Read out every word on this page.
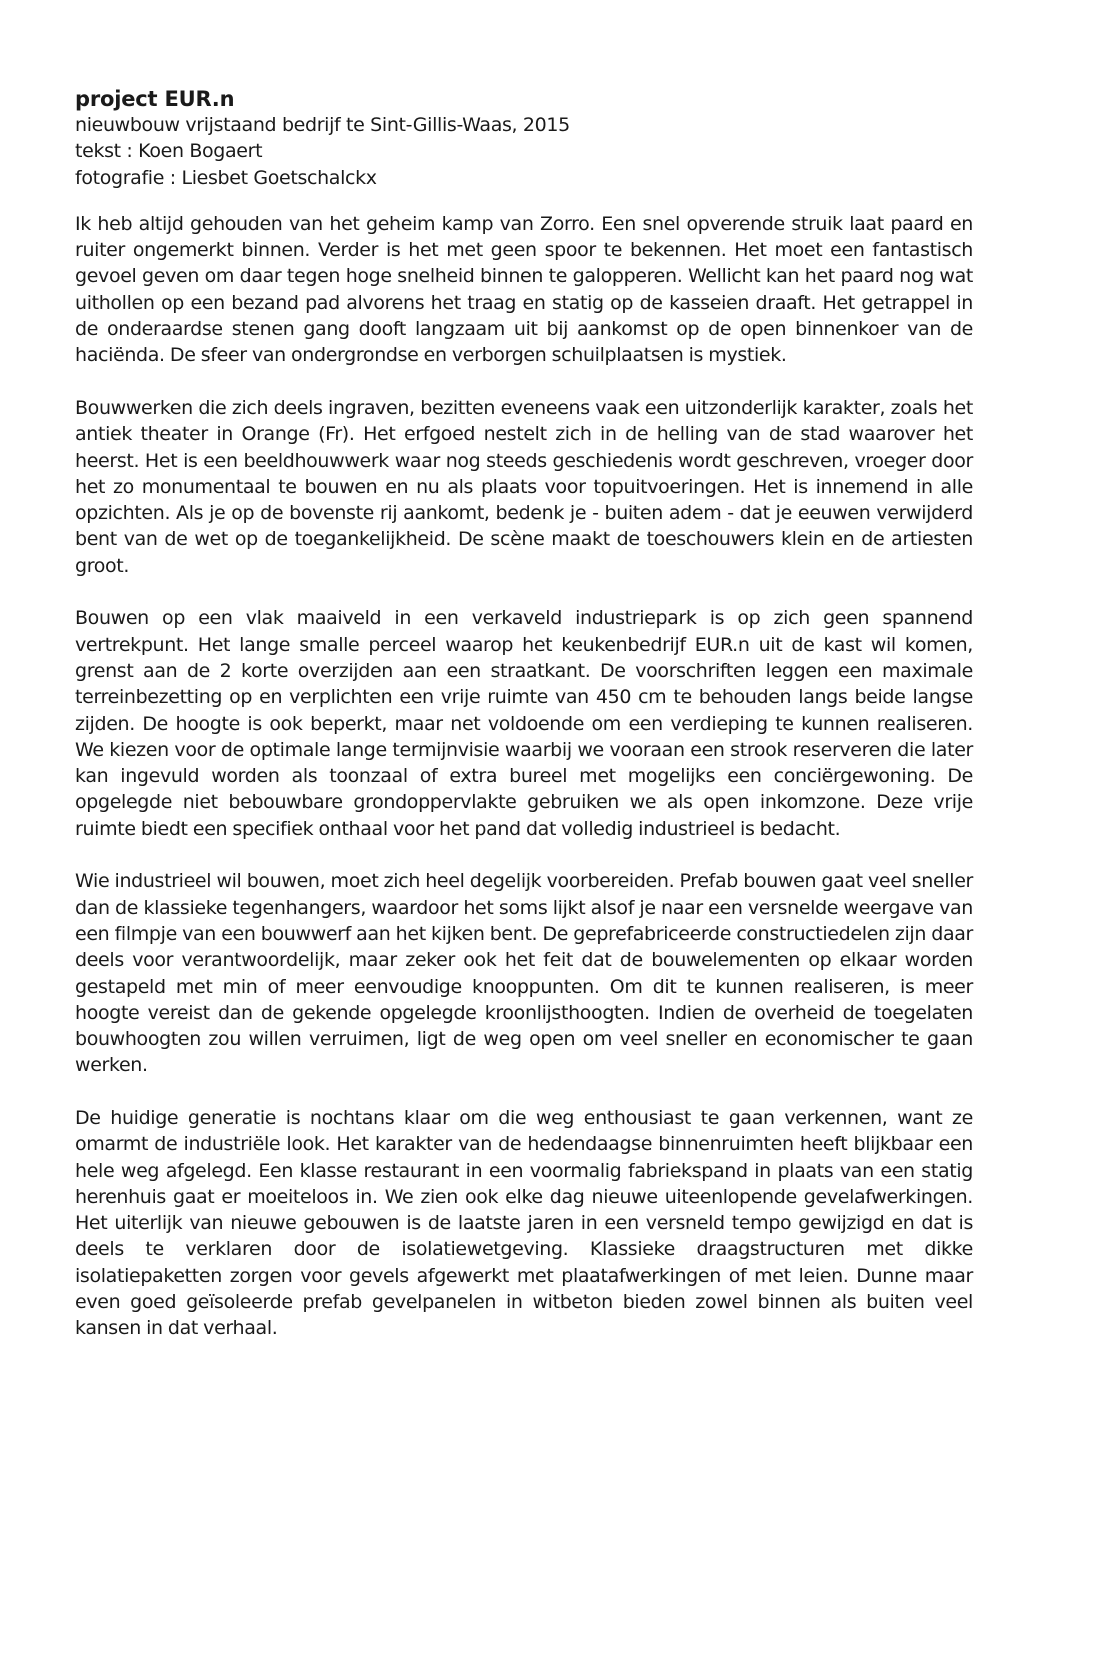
project EUR.n

nieuwbouw vrijstaand bedrijf te Sint-Gillis-Waas, 2015

tekst : Koen Bogaert

fotografie : Liesbet Goetschalckx

Ik heb altijd gehouden van het geheim kamp van Zorro. Een snel opverende struik laat paard en ruiter ongemerkt binnen. Verder is het met geen spoor te bekennen. Het moet een fantastisch gevoel geven om daar tegen hoge snelheid binnen te galopperen. Wellicht kan het paard nog wat uithollen op een bezand pad alvorens het traag en statig op de kasseien draaft. Het getrappel in de onderaardse stenen gang dooft langzaam uit bij aankomst op de open binnenkoer van de haciënda. De sfeer van ondergrondse en verborgen schuilplaatsen is mystiek.

Bouwwerken die zich deels ingraven, bezitten eveneens vaak een uitzonderlijk karakter, zoals het antiek theater in Orange (Fr). Het erfgoed nestelt zich in de helling van de stad waarover het heerst. Het is een beeldhouwwerk waar nog steeds geschiedenis wordt geschreven, vroeger door het zo monumentaal te bouwen en nu als plaats voor topuitvoeringen. Het is innemend in alle opzichten. Als je op de bovenste rij aankomt, bedenk je - buiten adem - dat je eeuwen verwijderd bent van de wet op de toegankelijkheid. De scène maakt de toeschouwers klein en de artiesten groot.

Bouwen op een vlak maaiveld in een verkaveld industriepark is op zich geen spannend vertrekpunt. Het lange smalle perceel waarop het keukenbedrijf EUR.n uit de kast wil komen, grenst aan de 2 korte overzijden aan een straatkant. De voorschriften leggen een maximale terreinbezetting op en verplichten een vrije ruimte van 450 cm te behouden langs beide langse zijden. De hoogte is ook beperkt, maar net voldoende om een verdieping te kunnen realiseren. We kiezen voor de optimale lange termijnvisie waarbij we vooraan een strook reserveren die later kan ingevuld worden als toonzaal of extra bureel met mogelijks een conciërgewoning. De opgelegde niet bebouwbare grondoppervlakte gebruiken we als open inkomzone. Deze vrije ruimte biedt een specifiek onthaal voor het pand dat volledig industrieel is bedacht.

Wie industrieel wil bouwen, moet zich heel degelijk voorbereiden. Prefab bouwen gaat veel sneller dan de klassieke tegenhangers, waardoor het soms lijkt alsof je naar een versnelde weergave van een filmpje van een bouwwerf aan het kijken bent. De geprefabriceerde constructiedelen zijn daar deels voor verantwoordelijk, maar zeker ook het feit dat de bouwelementen op elkaar worden gestapeld met min of meer eenvoudige knooppunten. Om dit te kunnen realiseren, is meer hoogte vereist dan de gekende opgelegde kroonlijsthoogten. Indien de overheid de toegelaten bouwhoogten zou willen verruimen, ligt de weg open om veel sneller en economischer te gaan werken.

De huidige generatie is nochtans klaar om die weg enthousiast te gaan verkennen, want ze omarmt de industriële look. Het karakter van de hedendaagse binnenruimten heeft blijkbaar een hele weg afgelegd. Een klasse restaurant in een voormalig fabriekspand in plaats van een statig herenhuis gaat er moeiteloos in. We zien ook elke dag nieuwe uiteenlopende gevelafwerkingen. Het uiterlijk van nieuwe gebouwen is de laatste jaren in een versneld tempo gewijzigd en dat is deels te verklaren door de isolatiewetgeving. Klassieke draagstructuren met dikke isolatiepaketten zorgen voor gevels afgewerkt met plaatafwerkingen of met leien. Dunne maar even goed geïsoleerde prefab gevelpanelen in witbeton bieden zowel binnen als buiten veel kansen in dat verhaal.
